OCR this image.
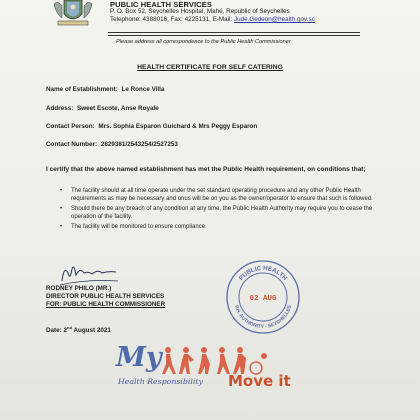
PUBLIC HEALTH SERVICES
P. O. Box 52, Seychelles Hospital, Mahé, Republic of Seychelles
Telephone: 4388016, Fax: 4225131, E-Mail: Jude.Gedeon@health.gov.sc
Please address all correspondence to the Public Health Commissioner
HEALTH CERTIFICATE FOR SELF CATERING
Name of Establishment: Le Ronce Villa
Address: Sweet Escote, Anse Royale
Contact Person: Mrs. Sophia Esparon Guichard & Mrs Peggy Esparon
Contact Number: 2829381/2543254/2527253
I certify that the above named establishment has met the Public Health requirement, on conditions that;
• The facility should at all time operate under the set standard operating procedure and any other Public Health requirements as may be necessary and onus will be on you as the owner/operator to ensure that such is followed.
• Should there be any breach of any condition at any time, the Public Health Authority may require you to cease the operation of the facility.
• The facility will be monitored to ensure compliance.
RODNEY PHILO (MR.)
DIRECTOR PUBLIC HEALTH SERVICES
FOR: PUBLIC HEALTH COMMISSIONER
Date: 2nd August 2021
PUBLIC HEALTH
P.H. AUTHORITY - SEYCHELLES
02 AUG
My
Health Responsibility Move it
